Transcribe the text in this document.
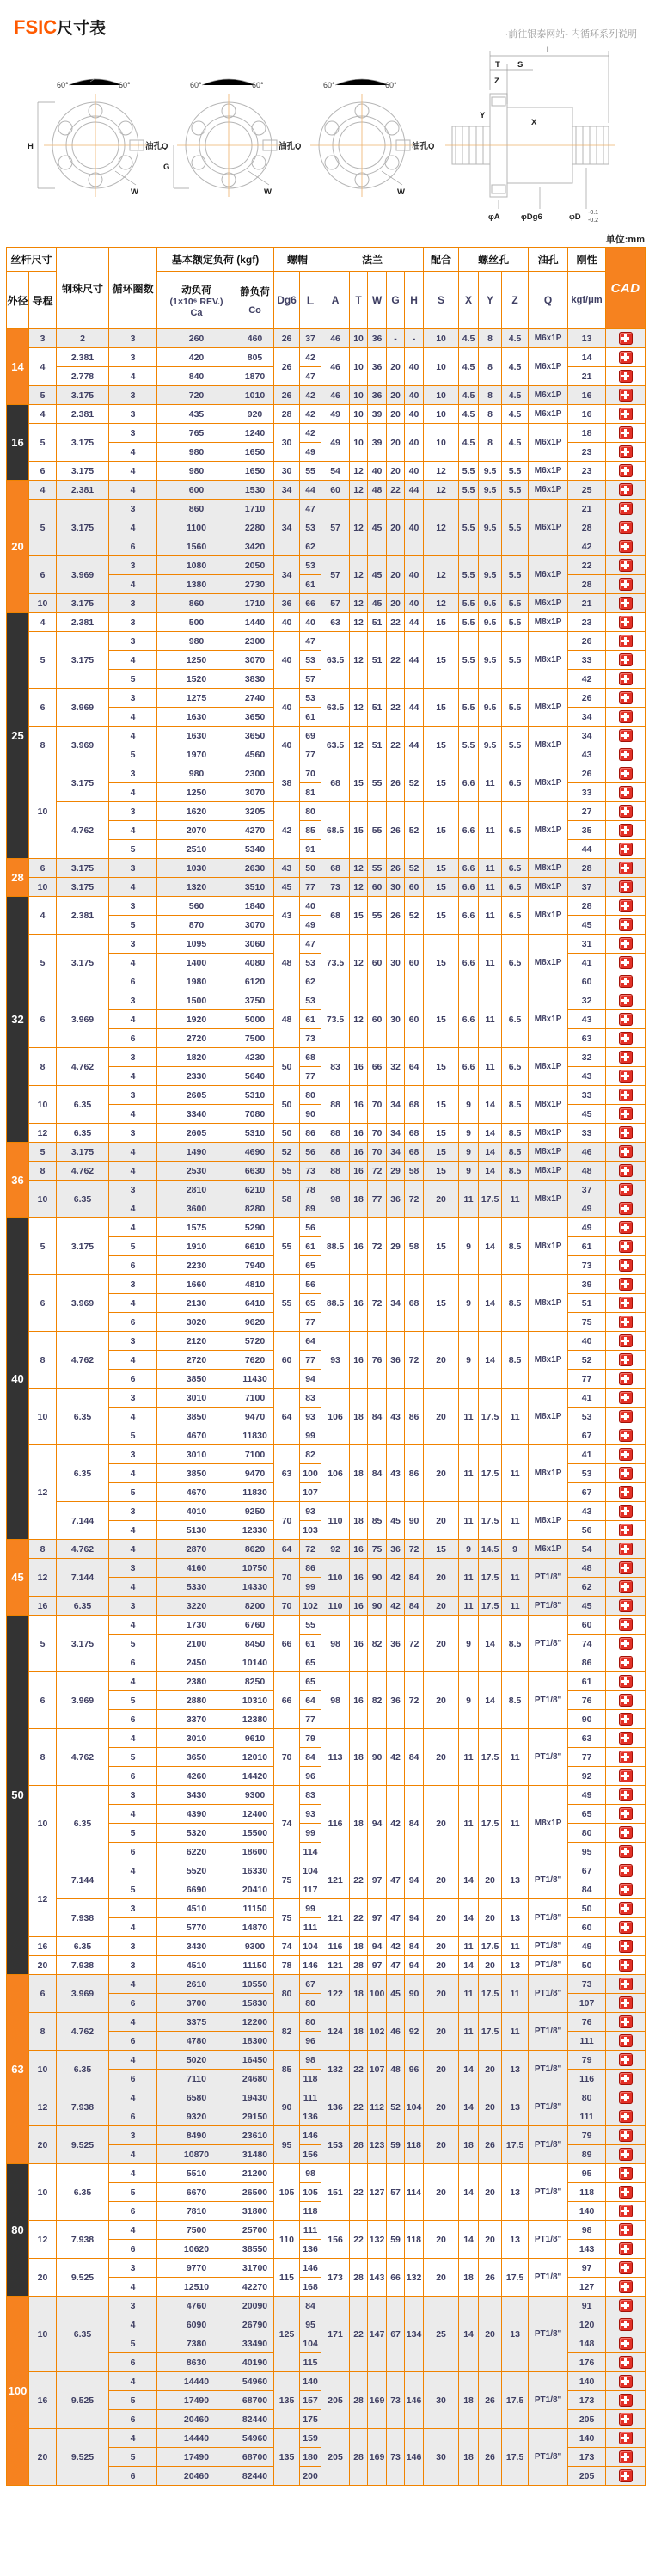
FSIC尺寸表	·前往银泰网站- 内循环系列说明
60°	60°
H
W
油孔Q
60°	60°
G
W
油孔Q
60°	60°
W
油孔Q
L
T S
Z
Y
X
φA	φDg6	φD -0.1
-0.2
单位:mm
丝杆尺寸		钢珠尺寸	循环圈数	基本额定负荷 (kgf)		螺帽		法兰					配合	螺丝孔			油孔	刚性	CAD
外径	导程	
动负荷
(1×10⁶ REV.)
Ca

静负荷
Co
	Dg6	L	A	T	W	G	H	S	X	Y	Z	Q	kgf/μm
14	3	2	3	260	460	26	37	46	10	36	-	-	10	4.5	8	4.5	M6x1P	13	

	4	2.381	3	420	805	26	42	46	10	36	20	40	10	4.5	8	4.5	M6x1P	14	

		2.778	4	840	1870		47											21	

	5	3.175	3	720	1010	26	42	46	10	36	20	40	10	4.5	8	4.5	M6x1P	16	

16	4	2.381	3	435	920	28	42	49	10	39	20	40	10	4.5	8	4.5	M6x1P	16	

	5	3.175	3	765	1240	30	42	49	10	39	20	40	10	4.5	8	4.5	M6x1P	18	

			4	980	1650		49											23	

	6	3.175	4	980	1650	30	55	54	12	40	20	40	12	5.5	9.5	5.5	M6x1P	23	

20	4	2.381	4	600	1530	34	44	60	12	48	22	44	12	5.5	9.5	5.5	M6x1P	25	

	5	3.175	3	860	1710	34	47	57	12	45	20	40	12	5.5	9.5	5.5	M6x1P	21	

			4	1100	2280		53											28	

			6	1560	3420		62											42	

	6	3.969	3	1080	2050	34	53	57	12	45	20	40	12	5.5	9.5	5.5	M6x1P	22	

			4	1380	2730		61											28	

	10	3.175	3	860	1710	36	66	57	12	45	20	40	12	5.5	9.5	5.5	M6x1P	21	

25	4	2.381	3	500	1440	40	40	63	12	51	22	44	15	5.5	9.5	5.5	M8x1P	23	

	5	3.175	3	980	2300	40	47	63.5	12	51	22	44	15	5.5	9.5	5.5	M8x1P	26	

			4	1250	3070		53											33	

			5	1520	3830		57											42	

	6	3.969	3	1275	2740	40	53	63.5	12	51	22	44	15	5.5	9.5	5.5	M8x1P	26	

			4	1630	3650		61											34	

	8	3.969	4	1630	3650	40	69	63.5	12	51	22	44	15	5.5	9.5	5.5	M8x1P	34	

			5	1970	4560		77											43	

	10	3.175	3	980	2300	38	70	68	15	55	26	52	15	6.6	11	6.5	M8x1P	26	

			4	1250	3070		81											33	

		4.762	3	1620	3205	42	80	68.5	15	55	26	52	15	6.6	11	6.5	M8x1P	27	

			4	2070	4270		85											35	

			5	2510	5340		91											44	

28	6	3.175	3	1030	2630	43	50	68	12	55	26	52	15	6.6	11	6.5	M8x1P	28	

	10	3.175	4	1320	3510	45	77	73	12	60	30	60	15	6.6	11	6.5	M8x1P	37	

32	4	2.381	3	560	1840	43	40	68	15	55	26	52	15	6.6	11	6.5	M8x1P	28	

			5	870	3070		49											45	

	5	3.175	3	1095	3060	48	47	73.5	12	60	30	60	15	6.6	11	6.5	M8x1P	31	

			4	1400	4080		53											41	

			6	1980	6120		62											60	

	6	3.969	3	1500	3750	48	53	73.5	12	60	30	60	15	6.6	11	6.5	M8x1P	32	

			4	1920	5000		61											43	

			6	2720	7500		73											63	

	8	4.762	3	1820	4230	50	68	83	16	66	32	64	15	6.6	11	6.5	M8x1P	32	

			4	2330	5640		77											43	

	10	6.35	3	2605	5310	50	80	88	16	70	34	68	15	9	14	8.5	M8x1P	33	

			4	3340	7080		90											45	

	12	6.35	3	2605	5310	50	86	88	16	70	34	68	15	9	14	8.5	M8x1P	33	

36	5	3.175	4	1490	4690	52	56	88	16	70	34	68	15	9	14	8.5	M8x1P	46	

	8	4.762	4	2530	6630	55	73	88	16	72	29	58	15	9	14	8.5	M8x1P	48	

	10	6.35	3	2810	6210	58	78	98	18	77	36	72	20	11	17.5	11	M8x1P	37	

			4	3600	8280		89											49	

40	5	3.175	4	1575	5290	55	56	88.5	16	72	29	58	15	9	14	8.5	M8x1P	49	

			5	1910	6610		61											61	

			6	2230	7940		65											73	

	6	3.969	3	1660	4810	55	56	88.5	16	72	34	68	15	9	14	8.5	M8x1P	39	

			4	2130	6410		65											51	

			6	3020	9620		77											75	

	8	4.762	3	2120	5720	60	64	93	16	76	36	72	20	9	14	8.5	M8x1P	40	

			4	2720	7620		77											52	

			6	3850	11430		94											77	

	10	6.35	3	3010	7100	64	83	106	18	84	43	86	20	11	17.5	11	M8x1P	41	

			4	3850	9470		93											53	

			5	4670	11830		99											67	

	12	6.35	3	3010	7100	63	82	106	18	84	43	86	20	11	17.5	11	M8x1P	41	

			4	3850	9470		100											53	

			5	4670	11830		107											67	

		7.144	3	4010	9250	70	93	110	18	85	45	90	20	11	17.5	11	M8x1P	43	

			4	5130	12330		103											56	

45	8	4.762	4	2870	8620	64	72	92	16	75	36	72	15	9	14.5	9	M6x1P	54	

	12	7.144	3	4160	10750	70	86	110	16	90	42	84	20	11	17.5	11	PT1/8"	48	

			4	5330	14330		99											62	

	16	6.35	3	3220	8200	70	102	110	16	90	42	84	20	11	17.5	11	PT1/8"	45	

50	5	3.175	4	1730	6760	66	55	98	16	82	36	72	20	9	14	8.5	PT1/8"	60	

			5	2100	8450		61											74	

			6	2450	10140		65											86	

	6	3.969	4	2380	8250	66	65	98	16	82	36	72	20	9	14	8.5	PT1/8"	61	

			5	2880	10310		64											76	

			6	3370	12380		77											90	

	8	4.762	4	3010	9610	70	79	113	18	90	42	84	20	11	17.5	11	PT1/8"	63	

			5	3650	12010		84											77	

			6	4260	14420		96											92	

	10	6.35	3	3430	9300	74	83	116	18	94	42	84	20	11	17.5	11	M8x1P	49	

			4	4390	12400		93											65	

			5	5320	15500		99											80	

			6	6220	18600		114											95	

	12	7.144	4	5520	16330	75	104	121	22	97	47	94	20	14	20	13	PT1/8"	67	

			5	6690	20410		117											84	

		7.938	3	4510	11150	75	99	121	22	97	47	94	20	14	20	13	PT1/8"	50	

			4	5770	14870		111											60	

	16	6.35	3	3430	9300	74	104	116	18	94	42	84	20	11	17.5	11	PT1/8"	49	

	20	7.938	3	4510	11150	78	146	121	28	97	47	94	20	14	20	13	PT1/8"	50	

63	6	3.969	4	2610	10550	80	67	122	18	100	45	90	20	11	17.5	11	PT1/8"	73	

			6	3700	15830		80											107	

	8	4.762	4	3375	12200	82	80	124	18	102	46	92	20	11	17.5	11	PT1/8"	76	

			6	4780	18300		96											111	

	10	6.35	4	5020	16450	85	98	132	22	107	48	96	20	14	20	13	PT1/8"	79	

			6	7110	24680		118											116	

	12	7.938	4	6580	19430	90	111	136	22	112	52	104	20	14	20	13	PT1/8"	80	

			6	9320	29150		136											111	

	20	9.525	3	8490	23610	95	146	153	28	123	59	118	20	18	26	17.5	PT1/8"	79	

			4	10870	31480		156											89	

80	10	6.35	4	5510	21200	105	98	151	22	127	57	114	20	14	20	13	PT1/8"	95	

			5	6670	26500		105											118	

			6	7810	31800		118											140	

	12	7.938	4	7500	25700	110	111	156	22	132	59	118	20	14	20	13	PT1/8"	98	

			6	10620	38550		136											143	

	20	9.525	3	9770	31700	115	146	173	28	143	66	132	20	18	26	17.5	PT1/8"	97	

			4	12510	42270		168											127	

100	10	6.35	3	4760	20090	125	84	171	22	147	67	134	25	14	20	13	PT1/8"	91	

			4	6090	26790		95											120	

			5	7380	33490		104											148	

			6	8630	40190		115											176	

	16	9.525	4	14440	54960	135	140	205	28	169	73	146	30	18	26	17.5	PT1/8"	140	

			5	17490	68700		157											173	

			6	20460	82440		175											205	

	20	9.525	4	14440	54960	135	159	205	28	169	73	146	30	18	26	17.5	PT1/8"	140	

			5	17490	68700		180											173	

			6	20460	82440		200											205	
